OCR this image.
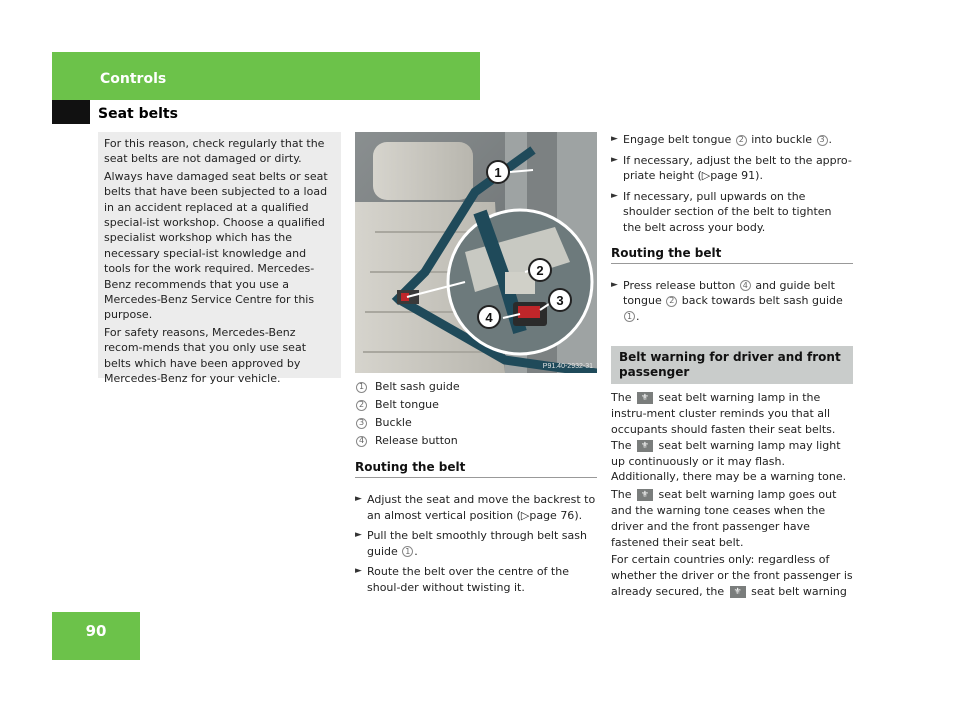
Controls
Seat belts

For this reason, check regularly that the seat belts are not damaged or dirty.

Always have damaged seat belts or seat belts that have been subjected to a load in an accident replaced at a qualified special-ist workshop. Choose a qualified specialist workshop which has the necessary special-ist knowledge and tools for the work required. Mercedes-Benz recommends that you use a Mercedes-Benz Service Centre for this purpose.

For safety reasons, Mercedes-Benz recom-mends that you only use seat belts which have been approved by Mercedes-Benz for your vehicle.

1
2
3
4
P91.40-2932-31
1 Belt sash guide
2 Belt tongue
3 Buckle
4 Release button
Routing the belt
► Adjust the seat and move the backrest to an almost vertical position (▷page 76).
► Pull the belt smoothly through belt sash guide 1 .
► Route the belt over the centre of the shoul-der without twisting it.
► Engage belt tongue 2 into buckle 3 .
► If necessary, adjust the belt to the appro-priate height (▷page 91).
► If necessary, pull upwards on the shoulder section of the belt to tighten the belt across your body.
Routing the belt
► Press release button 4 and guide belt tongue 2 back towards belt sash guide 1 .
Belt warning for driver and front passenger

The ⚜ seat belt warning lamp in the instru-ment cluster reminds you that all occupants should fasten their seat belts. The ⚜ seat belt warning lamp may light up continuously or it may flash. Additionally, there may be a warning tone.

The ⚜ seat belt warning lamp goes out and the warning tone ceases when the driver and the front passenger have fastened their seat belt.

For certain countries only: regardless of whether the driver or the front passenger is already secured, the ⚜ seat belt warning

90
